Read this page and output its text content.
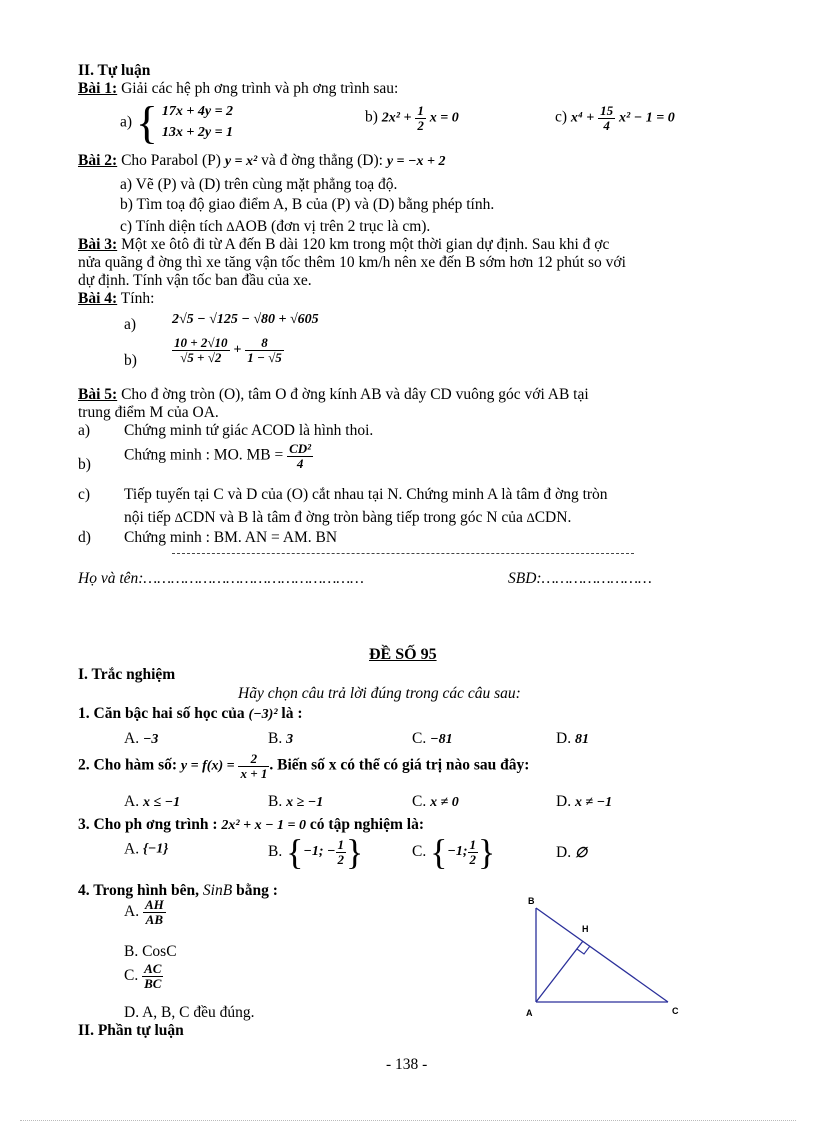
II. Tự luận
Bài 1: Giải các hệ ph ơng trình và ph ơng trình sau:
a) { 17x + 4y = 2
13x + 2y = 1
b) $2x^2 + \frac{1}{2}$ x = 0	c) $x^4 + \frac{15}{4} x^2 - 1 = 0$
Bài 2: Cho Parabol (P) y = x² và đ ờng thẳng (D): y = −x + 2
a) Vẽ (P) và (D) trên cùng mặt phẳng toạ độ.
b) Tìm toạ độ giao điểm A, B của (P) và (D) bằng phép tính.
c) Tính diện tích ∆AOB (đơn vị trên 2 trục là cm).
Bài 3: Một xe ôtô đi từ A đến B dài 120 km trong một thời gian dự định. Sau khi đ ợc
nửa quãng đ ờng thì xe tăng vận tốc thêm 10 km/h nên xe đến B sớm hơn 12 phút so với
dự định. Tính vận tốc ban đầu của xe.
Bài 4: Tính:
a)	2√5 − √125 − √80 + √605
b)	$\frac{10 + 2√10}{√5 + √2} + \frac{8}{1 - √5}$
Bài 5: Cho đ ờng tròn (O), tâm O đ ờng kính AB và dây CD vuông góc với AB tại
trung điểm M của OA.
a) Chứng minh tứ giác ACOD là hình thoi.
b)
Chứng minh : MO. MB = $\frac{\text{CD²}}{4}$
c) Tiếp tuyến tại C và D của (O) cắt nhau tại N. Chứng minh A là tâm đ ờng tròn
nội tiếp ∆CDN và B là tâm đ ờng tròn bàng tiếp trong góc N của ∆CDN.
d) Chứng minh : BM. AN = AM. BN
Họ và tên:…………………………………………	SBD:……………………
ĐỀ SỐ 95
I. Trắc nghiệm
Hãy chọn câu trả lời đúng trong các câu sau:
1. Căn bậc hai số học của (−3)² là :
A. −3	B. 3	C. −81	D. 81
2. Cho hàm số: $y = f(x) = \frac{2}{x + 1}$ . Biến số x có thể có giá trị nào sau đây:
A. x ≤ −1	B. x ≥ −1	C. x ≠ 0	D. x ≠ −1
3. Cho ph ơng trình : 2x² + x − 1 = 0 có tập nghiệm là:
A. {−1}	B. {−1; − $\frac{1}{2}$ }	C. {−1; $\frac{1}{2}$ }	D. ∅
4. Trong hình bên, SinB bằng :
A. $\frac{AH}{AB}$
B. CosC
C. $\frac{AC}{BC}$
D. A, B, C đều đúng.
B
H
A	C
II. Phần tự luận
- 138 -
